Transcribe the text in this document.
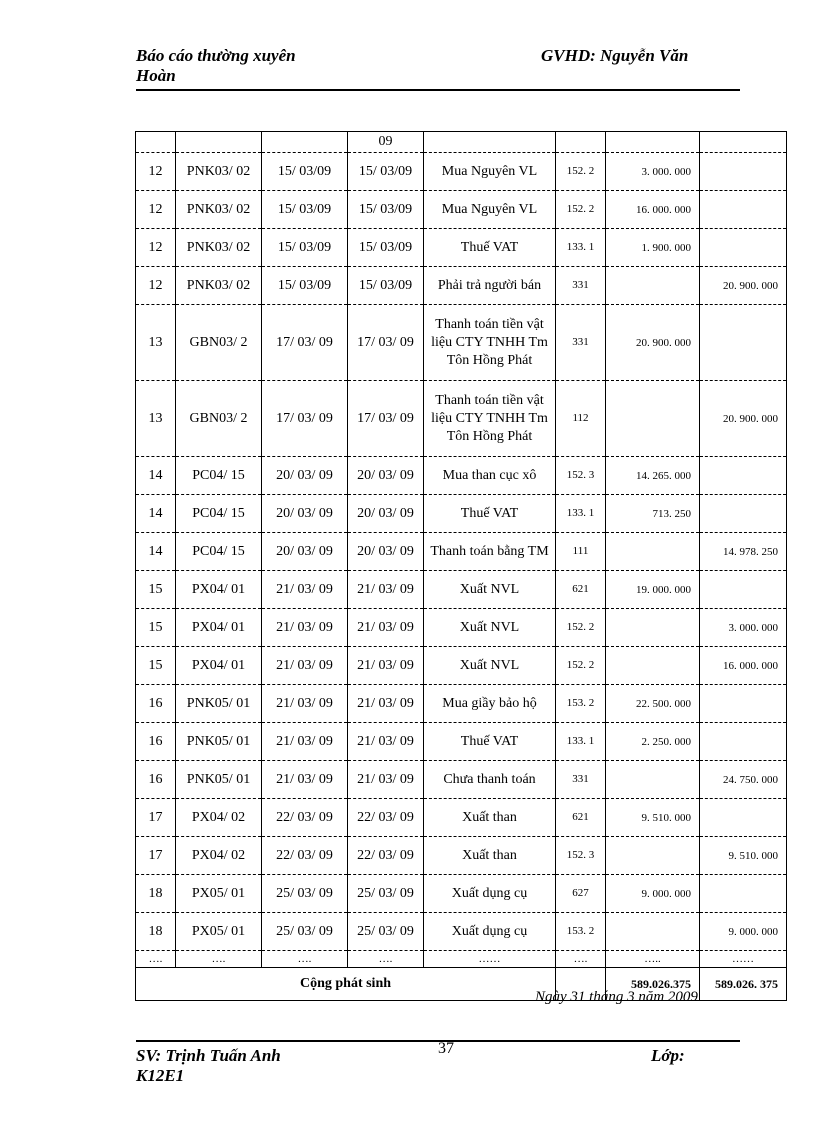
Báo cáo thường xuyên
Hoàn
GVHD: Nguyễn Văn
			09				
12	PNK03/ 02	15/ 03/09	15/ 03/09	Mua Nguyên VL	152. 2	3. 000. 000	
12	PNK03/ 02	15/ 03/09	15/ 03/09	Mua Nguyên VL	152. 2	16. 000. 000	
12	PNK03/ 02	15/ 03/09	15/ 03/09	Thuế VAT	133. 1	1. 900. 000	
12	PNK03/ 02	15/ 03/09	15/ 03/09	Phải trả người bán	331		20. 900. 000
13	GBN03/ 2	17/ 03/ 09	17/ 03/ 09	Thanh toán tiền vật liệu CTY TNHH Tm Tôn Hồng Phát	331	20. 900. 000	
13	GBN03/ 2	17/ 03/ 09	17/ 03/ 09	Thanh toán tiền vật liệu CTY TNHH Tm Tôn Hồng Phát	112		20. 900. 000
14	PC04/ 15	20/ 03/ 09	20/ 03/ 09	Mua than cục xô	152. 3	14. 265. 000	
14	PC04/ 15	20/ 03/ 09	20/ 03/ 09	Thuế VAT	133. 1	713. 250	
14	PC04/ 15	20/ 03/ 09	20/ 03/ 09	Thanh toán bằng TM	111		14. 978. 250
15	PX04/ 01	21/ 03/ 09	21/ 03/ 09	Xuất NVL	621	19. 000. 000	
15	PX04/ 01	21/ 03/ 09	21/ 03/ 09	Xuất NVL	152. 2		3. 000. 000
15	PX04/ 01	21/ 03/ 09	21/ 03/ 09	Xuất NVL	152. 2		16. 000. 000
16	PNK05/ 01	21/ 03/ 09	21/ 03/ 09	Mua giầy bảo hộ	153. 2	22. 500. 000	
16	PNK05/ 01	21/ 03/ 09	21/ 03/ 09	Thuế VAT	133. 1	2. 250. 000	
16	PNK05/ 01	21/ 03/ 09	21/ 03/ 09	Chưa thanh toán	331		24. 750. 000
17	PX04/ 02	22/ 03/ 09	22/ 03/ 09	Xuất than	621	9. 510. 000	
17	PX04/ 02	22/ 03/ 09	22/ 03/ 09	Xuất than	152. 3		9. 510. 000
18	PX05/ 01	25/ 03/ 09	25/ 03/ 09	Xuất dụng cụ	627	9. 000. 000	
18	PX05/ 01	25/ 03/ 09	25/ 03/ 09	Xuất dụng cụ	153. 2		9. 000. 000
….	….	….	….	……	….	…..	……
Cộng phát sinh						589.026.375	589.026. 375
Ngày 31 tháng 3 năm 2009
SV: Trịnh Tuấn Anh
K12E1
37	Lớp:
